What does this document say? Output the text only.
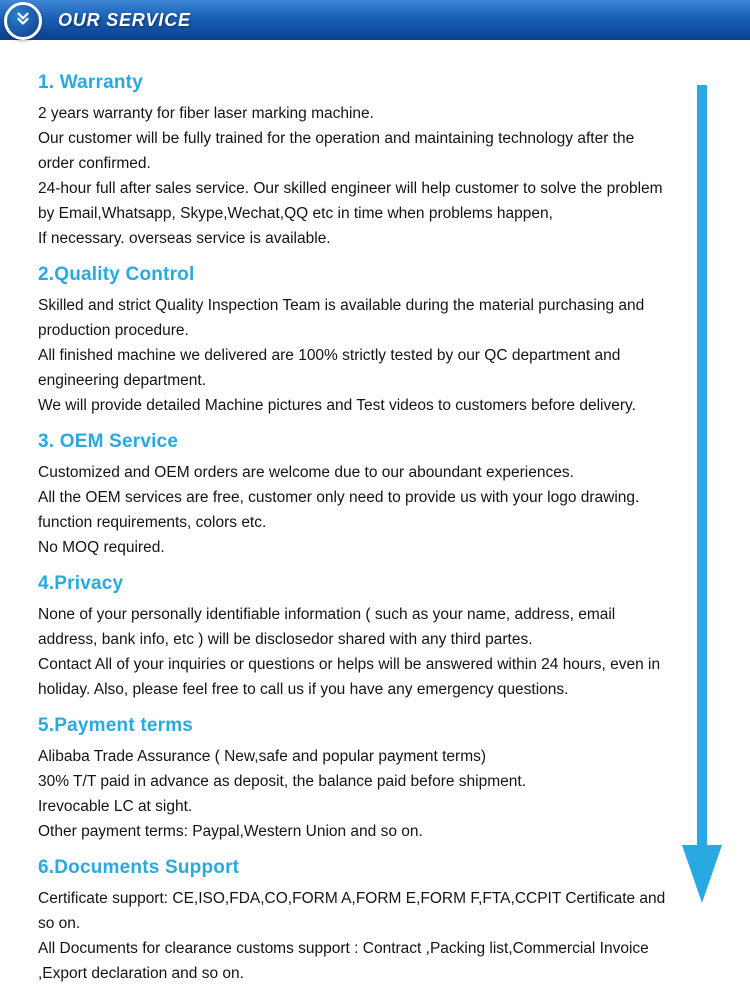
OUR SERVICE
1. Warranty

2 years warranty for fiber laser marking machine.

Our customer will be fully trained for the operation and maintaining technology after the order confirmed.

24-hour full after sales service. Our skilled engineer will help customer to solve the problem by Email,Whatsapp, Skype,Wechat,QQ etc in time when problems happen,

If necessary. overseas service is available.

2.Quality Control

Skilled and strict Quality Inspection Team is available during the material purchasing and production procedure.

All finished machine we delivered are 100% strictly tested by our QC department and engineering department.

We will provide detailed Machine pictures and Test videos to customers before delivery.

3. OEM Service

Customized and OEM orders are welcome due to our aboundant experiences.

All the OEM services are free, customer only need to provide us with your logo drawing. function requirements, colors etc.

No MOQ required.

4.Privacy

None of your personally identifiable information ( such as your name, address, email address, bank info, etc ) will be disclosedor shared with any third partes.

Contact All of your inquiries or questions or helps will be answered within 24 hours, even in holiday. Also, please feel free to call us if you have any emergency questions.

5.Payment terms

Alibaba Trade Assurance ( New,safe and popular payment terms)

30% T/T paid in advance as deposit, the balance paid before shipment.

Irevocable LC at sight.

Other payment terms: Paypal,Western Union and so on.

6.Documents Support

Certificate support: CE,ISO,FDA,CO,FORM A,FORM E,FORM F,FTA,CCPIT Certificate and so on.

All Documents for clearance customs support : Contract ,Packing list,Commercial Invoice ,Export declaration and so on.
